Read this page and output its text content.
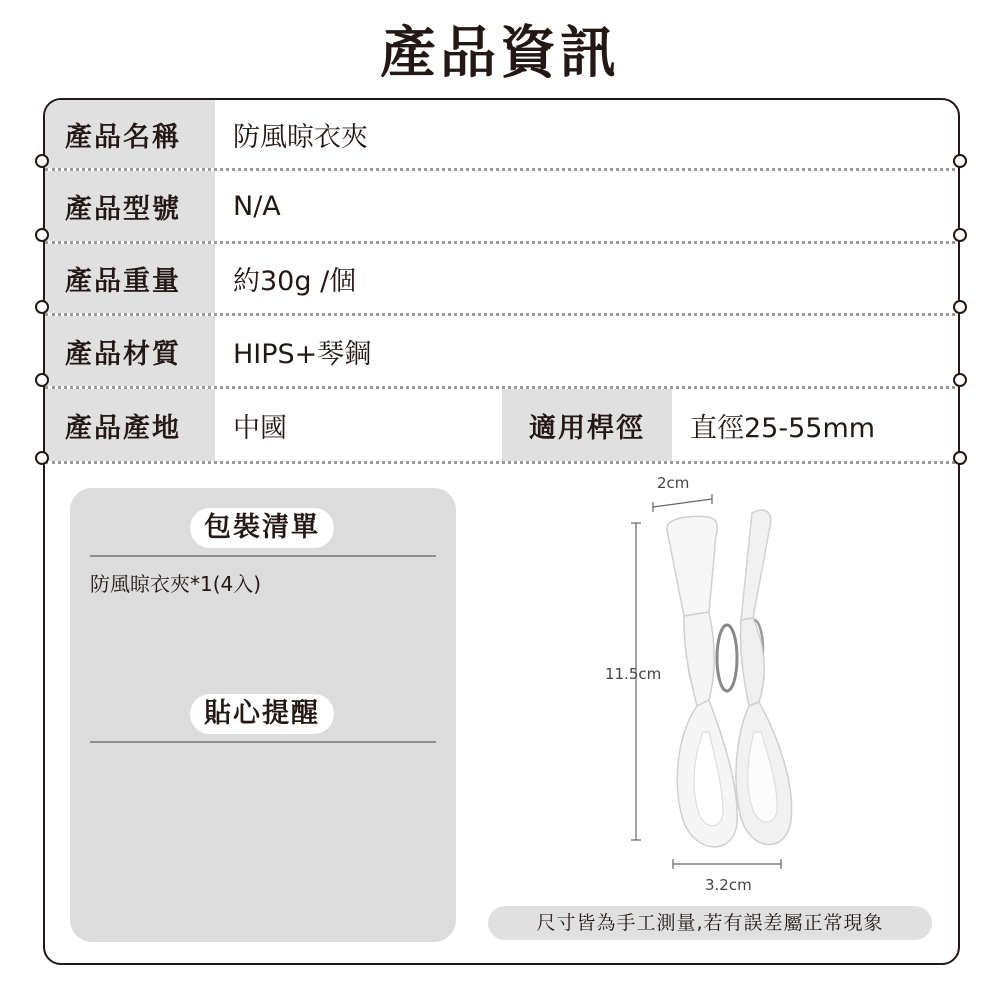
產品資訊
產品名稱	防風晾衣夾
產品型號	N/A
產品重量	約30g /個
產品材質	HIPS+琴鋼
產品產地	中國	適用桿徑	直徑25-55mm
包裝清單
防風晾衣夾*1(4入)
貼心提醒
2cm
11.5cm
3.2cm
尺寸皆為手工測量,若有誤差屬正常現象
